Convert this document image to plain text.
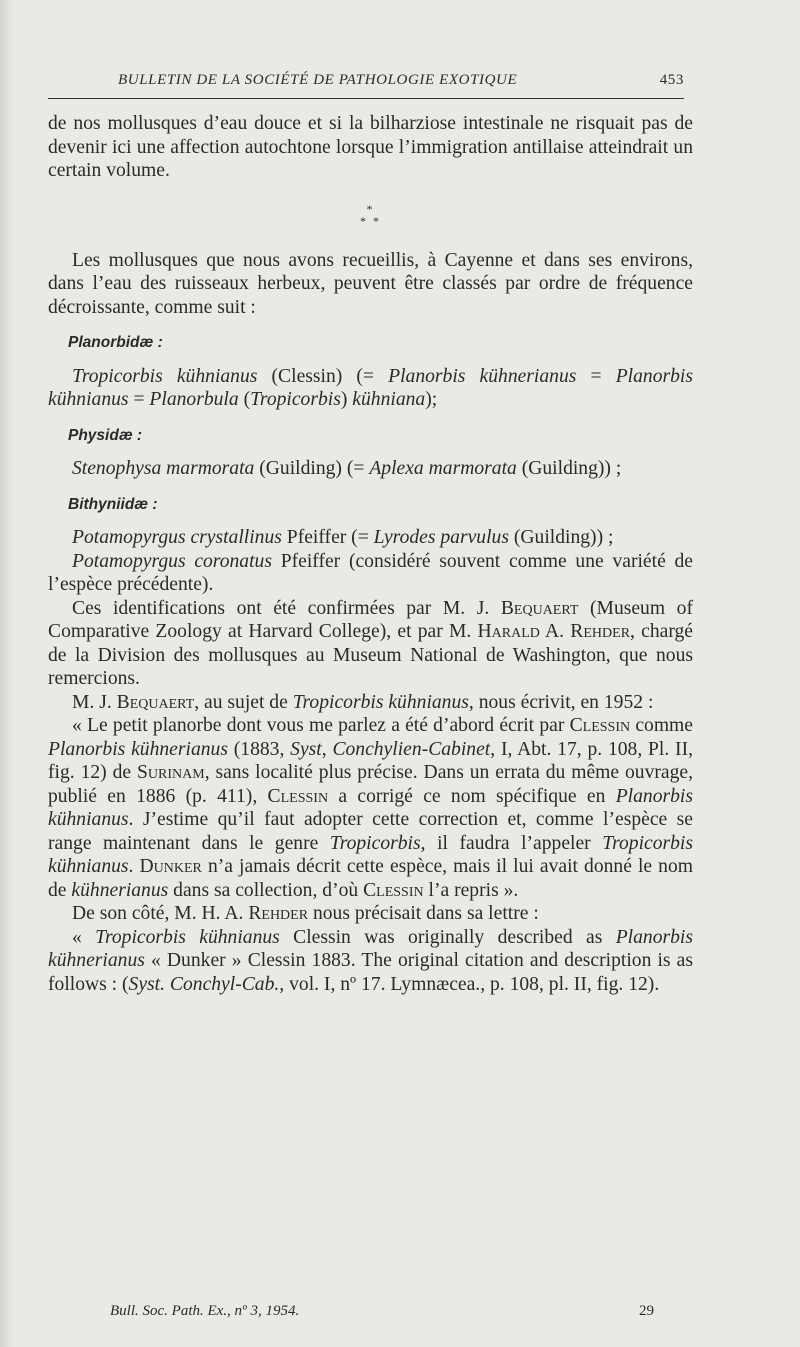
BULLETIN DE LA SOCIÉTÉ DE PATHOLOGIE EXOTIQUE	453

de nos mollusques d’eau douce et si la bilharziose intestinale ne risquait pas de devenir ici une affection autochtone lorsque l’immigration antillaise atteindrait un certain volume.

*
* *

Les mollusques que nous avons recueillis, à Cayenne et dans ses environs, dans l’eau des ruisseaux herbeux, peuvent être classés par ordre de fréquence décroissante, comme suit :

Planorbidæ :

Tropicorbis kühnianus (Clessin) (= Planorbis kühnerianus = Planorbis kühnianus = Planorbula (Tropicorbis) kühniana);

Physidæ :

Stenophysa marmorata (Guilding) (= Aplexa marmorata (Guilding)) ;

Bithyniidæ :

Potamopyrgus crystallinus Pfeiffer (= Lyrodes parvulus (Guilding)) ;

Potamopyrgus coronatus Pfeiffer (considéré souvent comme une variété de l’espèce précédente).

Ces identifications ont été confirmées par M. J. Bequaert (Museum of Comparative Zoology at Harvard College), et par M. Harald A. Rehder, chargé de la Division des mollusques au Museum National de Washington, que nous remercions.

M. J. Bequaert, au sujet de Tropicorbis kühnianus, nous écrivit, en 1952 :

« Le petit planorbe dont vous me parlez a été d’abord écrit par Clessin comme Planorbis kühnerianus (1883, Syst, Conchylien-Cabinet, I, Abt. 17, p. 108, Pl. II, fig. 12) de Surinam, sans localité plus précise. Dans un errata du même ouvrage, publié en 1886 (p. 411), Clessin a corrigé ce nom spécifique en Planorbis kühnianus. J’estime qu’il faut adopter cette correction et, comme l’espèce se range maintenant dans le genre Tropicorbis, il faudra l’appeler Tropicorbis kühnianus. Dunker n’a jamais décrit cette espèce, mais il lui avait donné le nom de kühnerianus dans sa collection, d’où Clessin l’a repris ».

De son côté, M. H. A. Rehder nous précisait dans sa lettre :

« Tropicorbis kühnianus Clessin was originally described as Planorbis kühnerianus « Dunker » Clessin 1883. The original citation and description is as follows : (Syst. Conchyl-Cab., vol. I, nº 17. Lymnæcea., p. 108, pl. II, fig. 12).

Bull. Soc. Path. Ex., nº 3, 1954.	29
